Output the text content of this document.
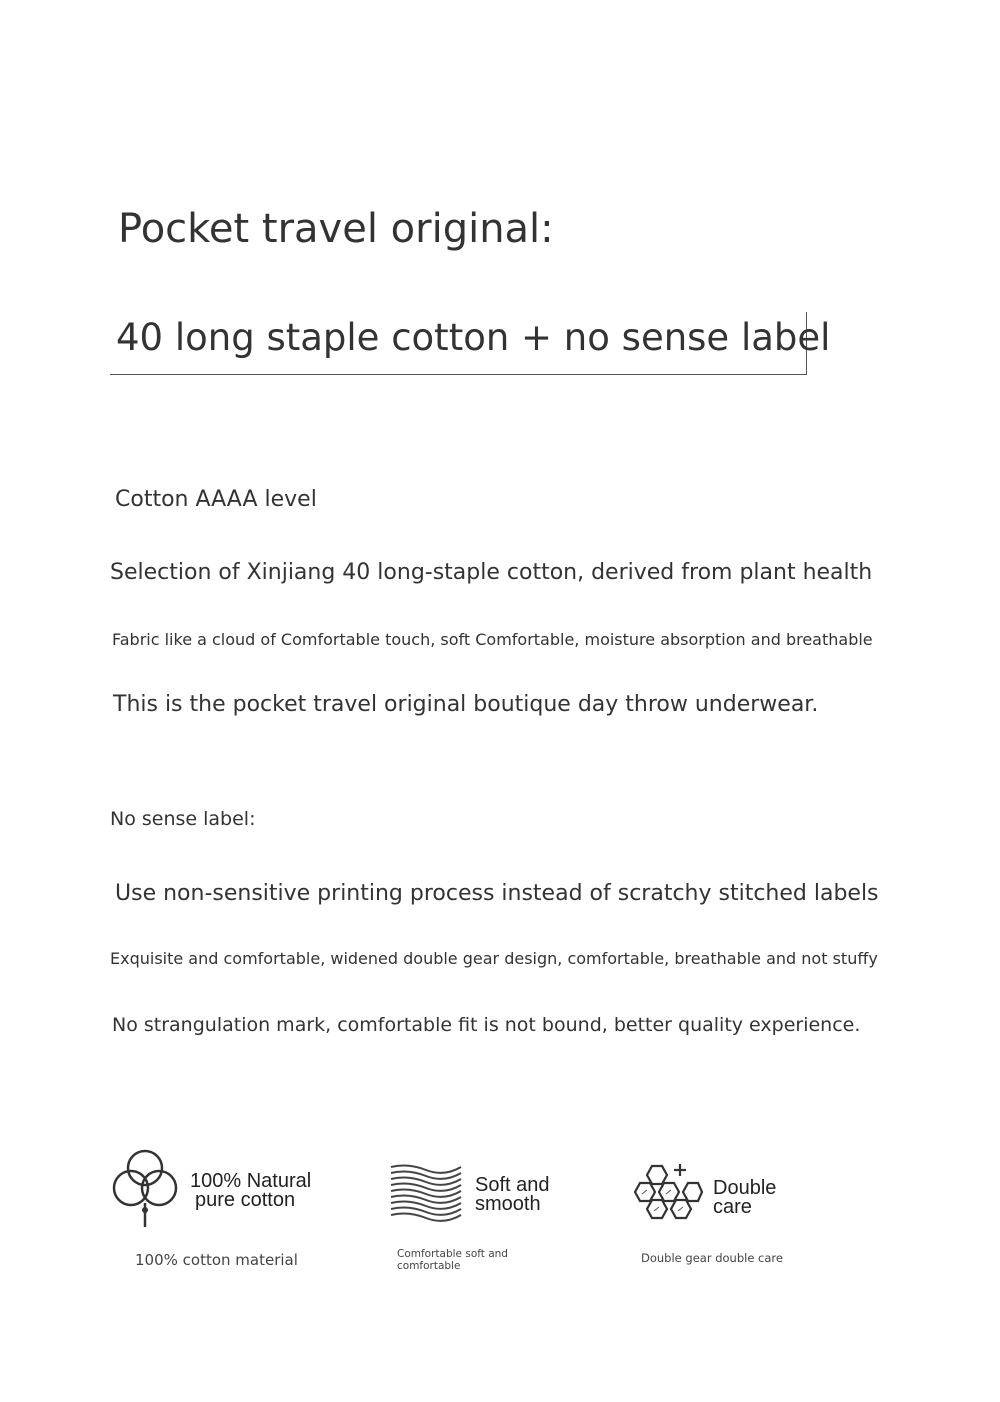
Pocket travel original:
40 long staple cotton + no sense label
Cotton AAAA level
Selection of Xinjiang 40 long-staple cotton, derived from plant health
Fabric like a cloud of Comfortable touch, soft Comfortable, moisture absorption and breathable
This is the pocket travel original boutique day throw underwear.
No sense label:
Use non-sensitive printing process instead of scratchy stitched labels
Exquisite and comfortable, widened double gear design, comfortable, breathable and not stuffy
No strangulation mark, comfortable fit is not bound, better quality experience.
100% Natural
pure cotton
100% cotton material
Soft and
smooth
Comfortable soft and comfortable
Double
care
Double gear double care
